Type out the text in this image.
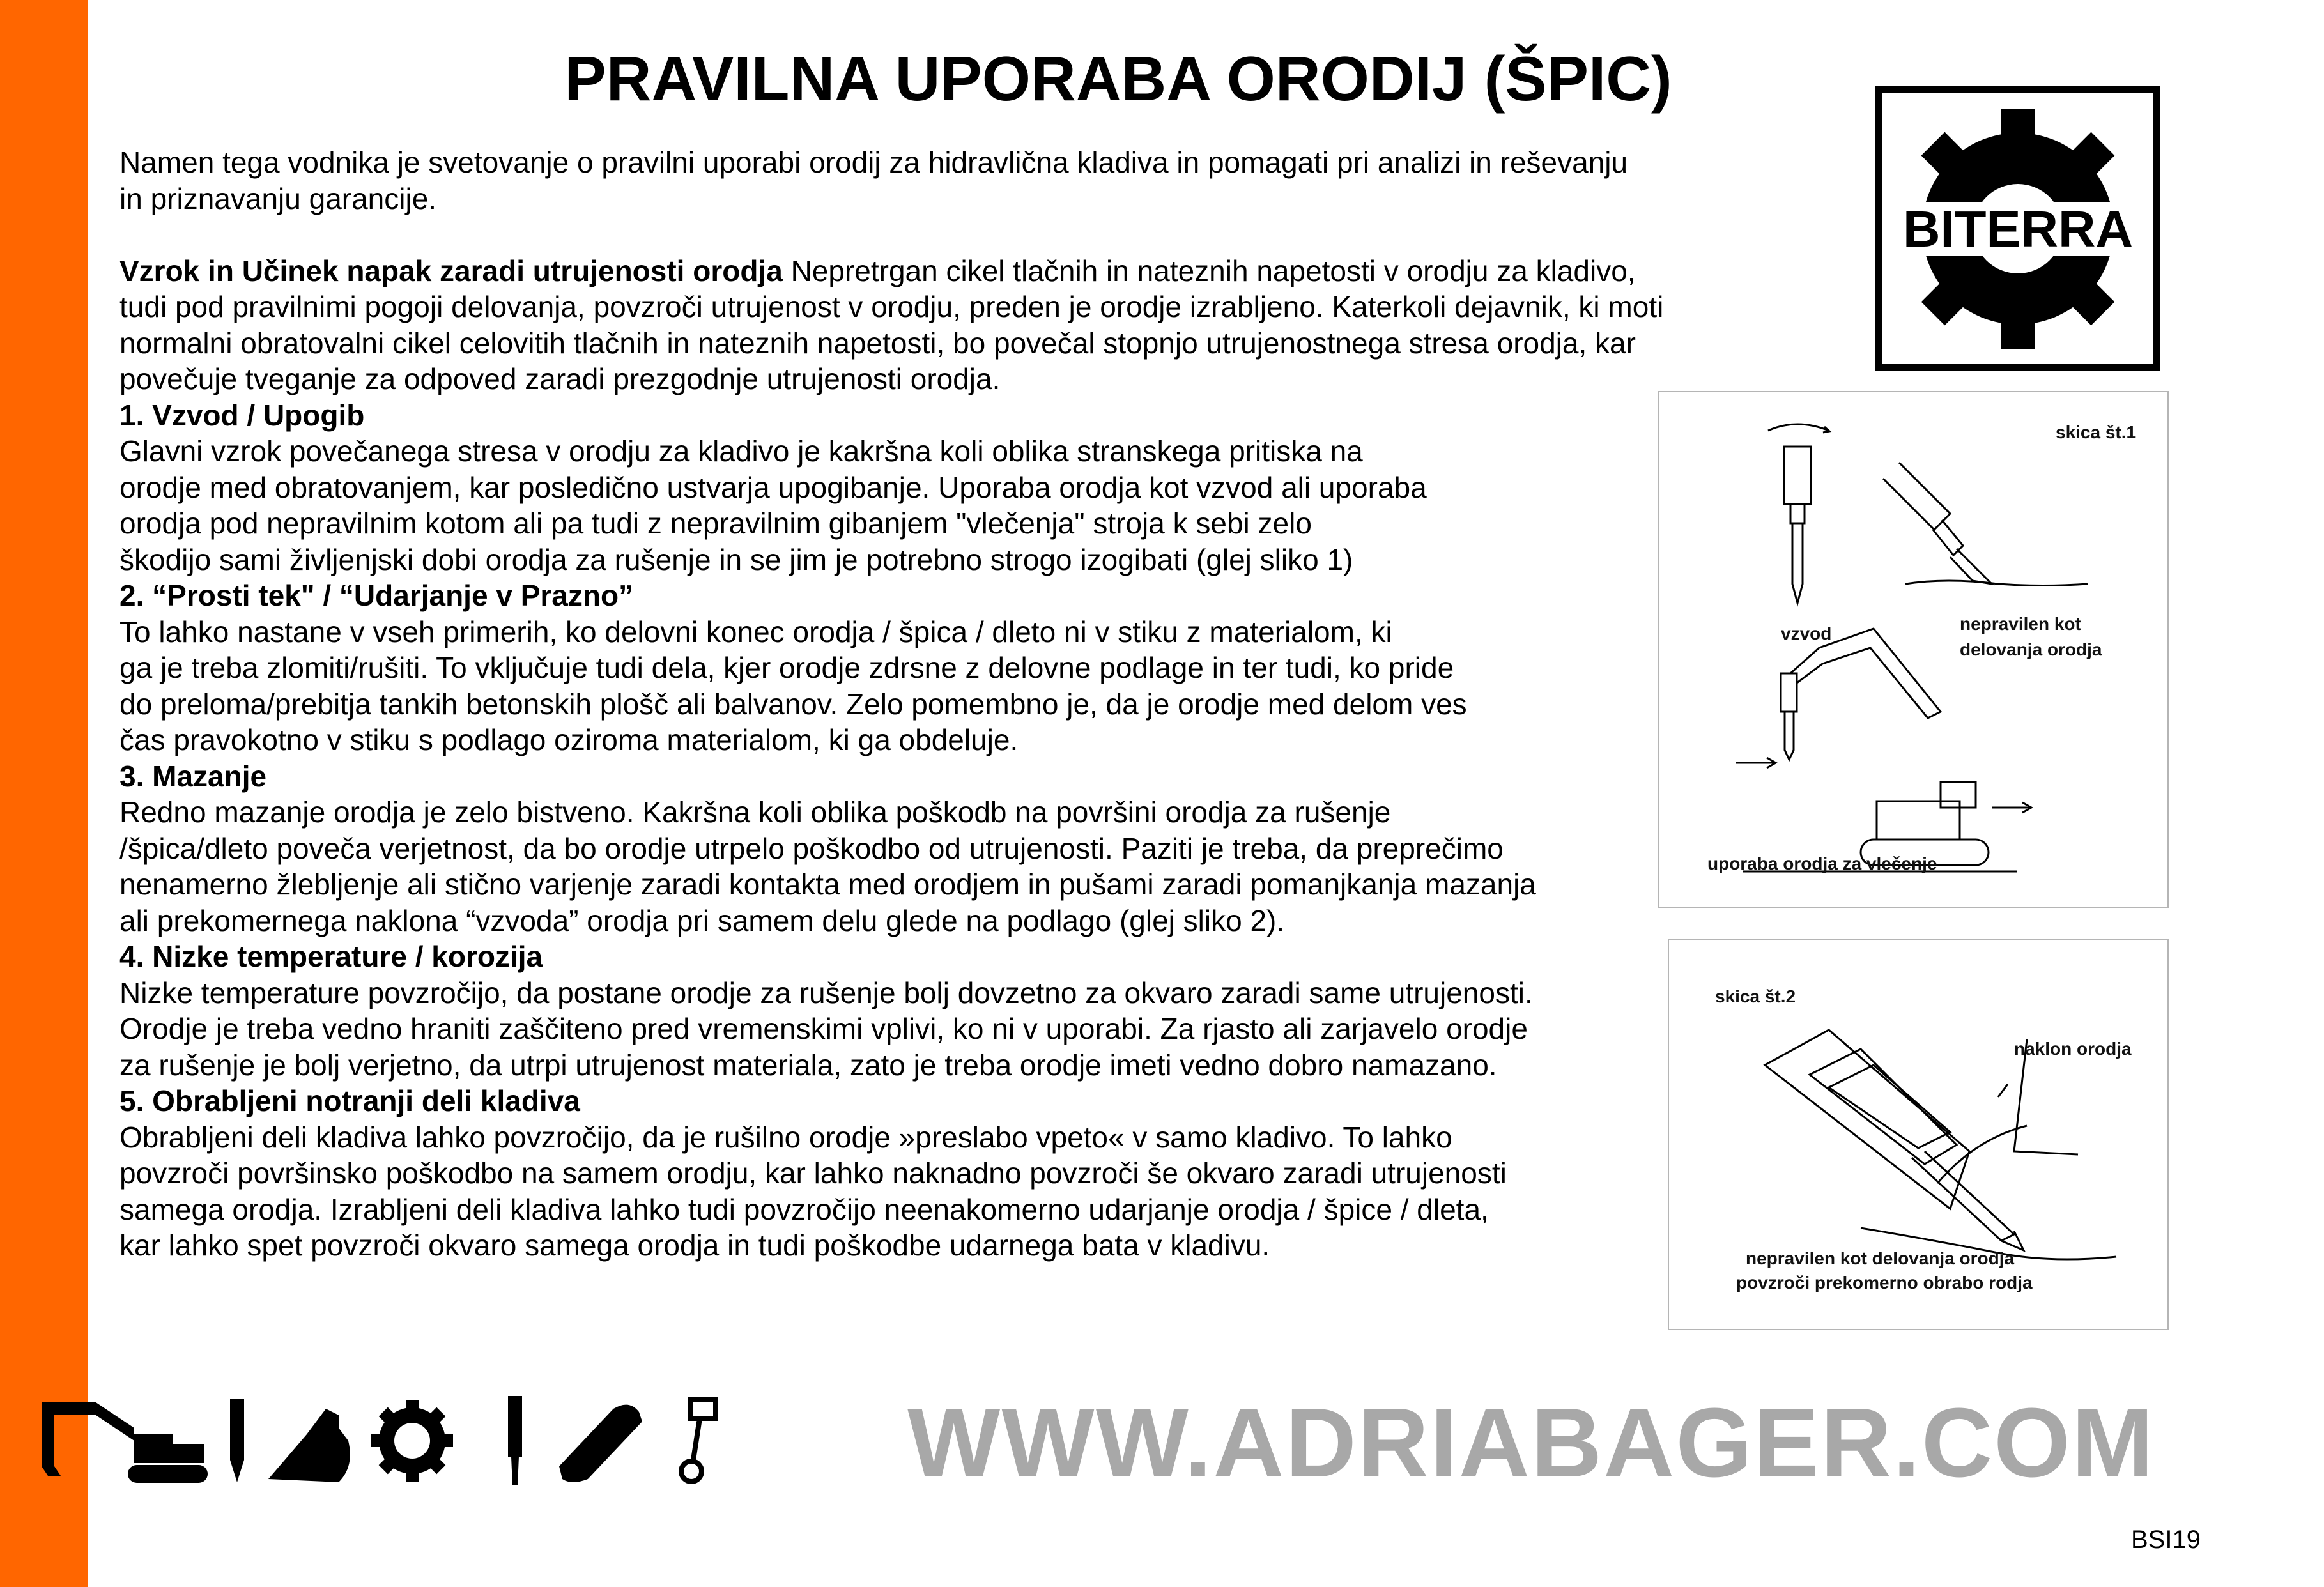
PRAVILNA UPORABA ORODIJ (ŠPIC)

Namen tega vodnika je svetovanje o pravilni uporabi orodij za hidravlična kladiva in pomagati pri analizi in reševanju

in priznavanju garancije.

Vzrok in Učinek napak zaradi utrujenosti orodja Nepretrgan cikel tlačnih in nateznih napetosti v orodju za kladivo,

tudi pod pravilnimi pogoji delovanja, povzroči utrujenost v orodju, preden je orodje izrabljeno. Katerkoli dejavnik, ki moti

normalni obratovalni cikel celovitih tlačnih in nateznih napetosti, bo povečal stopnjo utrujenostnega stresa orodja, kar

povečuje tveganje za odpoved zaradi prezgodnje utrujenosti orodja.

1. Vzvod / Upogib

Glavni vzrok povečanega stresa v orodju za kladivo je kakršna koli oblika stranskega pritiska na

orodje med obratovanjem, kar posledično ustvarja upogibanje. Uporaba orodja kot vzvod ali uporaba

orodja pod nepravilnim kotom ali pa tudi z nepravilnim gibanjem "vlečenja" stroja k sebi zelo

škodijo sami življenjski dobi orodja za rušenje in se jim je potrebno strogo izogibati (glej sliko 1)

2. “Prosti tek" / “Udarjanje v Prazno”

To lahko nastane v vseh primerih, ko delovni konec orodja / špica / dleto ni v stiku z materialom, ki

ga je treba zlomiti/rušiti. To vključuje tudi dela, kjer orodje zdrsne z delovne podlage in ter tudi, ko pride

do preloma/prebitja tankih betonskih plošč ali balvanov. Zelo pomembno je, da je orodje med delom ves

čas pravokotno v stiku s podlago oziroma materialom, ki ga obdeluje.

3. Mazanje

Redno mazanje orodja je zelo bistveno. Kakršna koli oblika poškodb na površini orodja za rušenje

/špica/dleto poveča verjetnost, da bo orodje utrpelo poškodbo od utrujenosti. Paziti je treba, da preprečimo

nenamerno žlebljenje ali stično varjenje zaradi kontakta med orodjem in pušami zaradi pomanjkanja mazanja

ali prekomernega naklona “vzvoda” orodja pri samem delu glede na podlago (glej sliko 2).

4. Nizke temperature / korozija

Nizke temperature povzročijo, da postane orodje za rušenje bolj dovzetno za okvaro zaradi same utrujenosti.

Orodje je treba vedno hraniti zaščiteno pred vremenskimi vplivi, ko ni v uporabi. Za rjasto ali zarjavelo orodje

za rušenje je bolj verjetno, da utrpi utrujenost materiala, zato je treba orodje imeti vedno dobro namazano.

5. Obrabljeni notranji deli kladiva

Obrabljeni deli kladiva lahko povzročijo, da je rušilno orodje »preslabo vpeto« v samo kladivo. To lahko

povzroči površinsko poškodbo na samem orodju, kar lahko naknadno povzroči še okvaro zaradi utrujenosti

samega orodja. Izrabljeni deli kladiva lahko tudi povzročijo neenakomerno udarjanje orodja / špice / dleta,

kar lahko spet povzroči okvaro samega orodja in tudi poškodbe udarnega bata v kladivu.

BITERRA
skica št.1
vzvod	nepravilen kot
delovanja orodja
uporaba orodja za vlečenje
skica št.2
naklon orodja
nepravilen kot delovanja orodja
povzroči prekomerno obrabo rodja
WWW.ADRIABAGER.COM
BSI19
